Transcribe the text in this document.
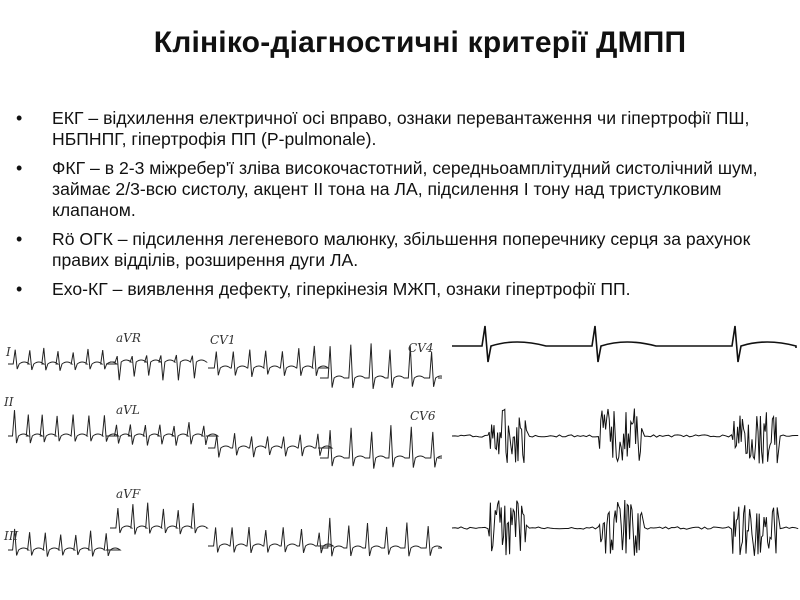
Клініко-діагностичні критерії ДМПП
• ЕКГ – відхилення електричної осі вправо, ознаки перевантаження чи гіпертрофії ПШ, НБПНПГ, гіпертрофія ПП (P-pulmonale).
• ФКГ – в 2-3 міжребер'ї зліва високочастотний, середньоамплітудний систолічний шум, займає 2/3-всю систолу, акцент ІІ тона на ЛА, підсилення І тону над тристулковим клапаном.
• Rö ОГК – підсилення легеневого малюнку, збільшення поперечнику серця за рахунок правих відділів, розширення дуги ЛА.
• Ехо-КГ – виявлення дефекту, гіперкінезія МЖП, ознаки гіпертрофії ПП.
I
II
III
aVR
aVL
aVF
CV1
CV4
CV6
